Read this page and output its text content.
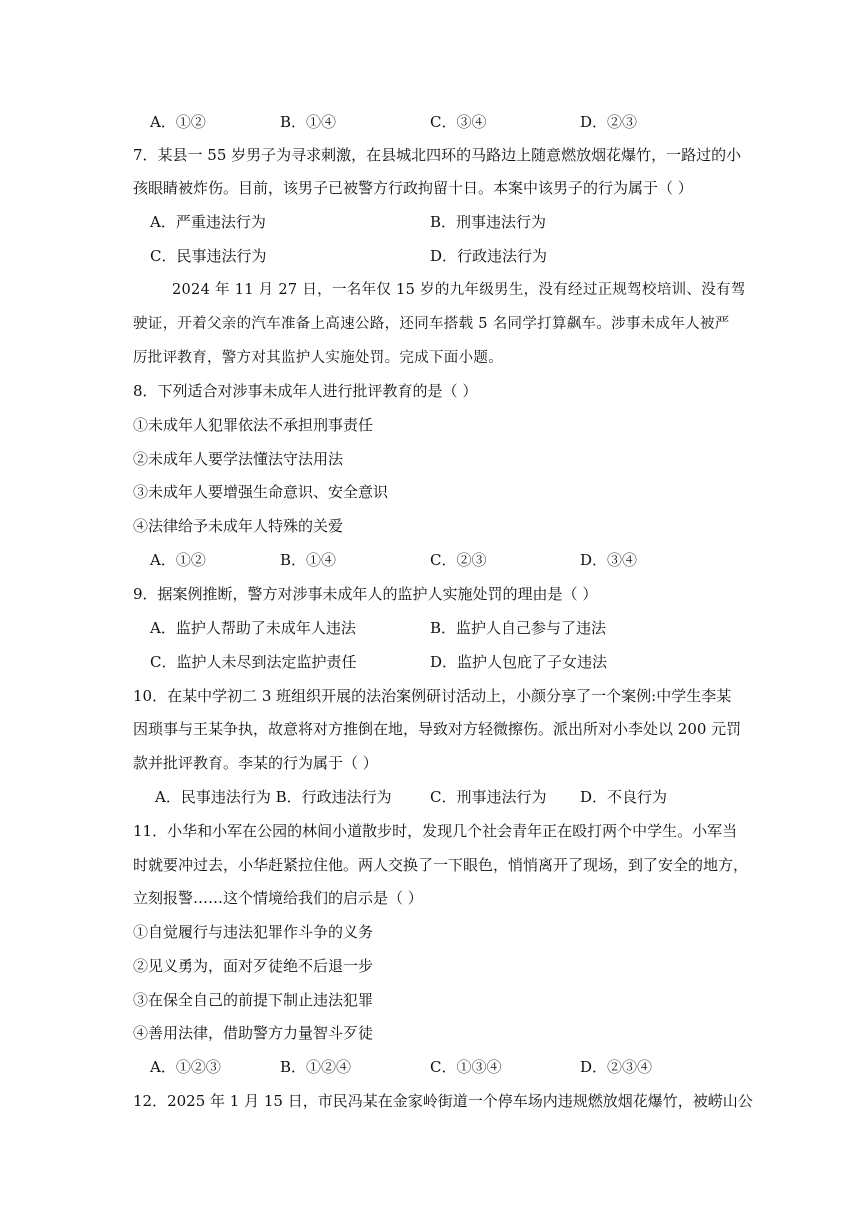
A．①②	B．①④	C．③④	D．②③
7．某县一 55 岁男子为寻求刺激，在县城北四环的马路边上随意燃放烟花爆竹，一路过的小
孩眼睛被炸伤。目前，该男子已被警方行政拘留十日。本案中该男子的行为属于（ ）
A．严重违法行为	B．刑事违法行为
C．民事违法行为	D．行政违法行为
2024 年 11 月 27 日，一名年仅 15 岁的九年级男生，没有经过正规驾校培训、没有驾
驶证，开着父亲的汽车准备上高速公路，还同车搭载 5 名同学打算飙车。涉事未成年人被严
厉批评教育，警方对其监护人实施处罚。完成下面小题。
8．下列适合对涉事未成年人进行批评教育的是（ ）
①未成年人犯罪依法不承担刑事责任
②未成年人要学法懂法守法用法
③未成年人要增强生命意识、安全意识
④法律给予未成年人特殊的关爱
A．①②	B．①④	C．②③	D．③④
9．据案例推断，警方对涉事未成年人的监护人实施处罚的理由是（ ）
A．监护人帮助了未成年人违法	B．监护人自己参与了违法
C．监护人未尽到法定监护责任	D．监护人包庇了子女违法
10．在某中学初二 3 班组织开展的法治案例研讨活动上，小颜分享了一个案例:中学生李某
因琐事与王某争执，故意将对方推倒在地，导致对方轻微擦伤。派出所对小李处以 200 元罚
款并批评教育。李某的行为属于（ ）
A．民事违法行为 B．行政违法行为	C．刑事违法行为 D．不良行为
11．小华和小军在公园的林间小道散步时，发现几个社会青年正在殴打两个中学生。小军当
时就要冲过去，小华赶紧拉住他。两人交换了一下眼色，悄悄离开了现场，到了安全的地方，
立刻报警……这个情境给我们的启示是（ ）
①自觉履行与违法犯罪作斗争的义务
②见义勇为，面对歹徒绝不后退一步
③在保全自己的前提下制止违法犯罪
④善用法律，借助警方力量智斗歹徒
A．①②③	B．①②④	C．①③④	D．②③④
12．2025 年 1 月 15 日，市民冯某在金家岭街道一个停车场内违规燃放烟花爆竹，被崂山公
